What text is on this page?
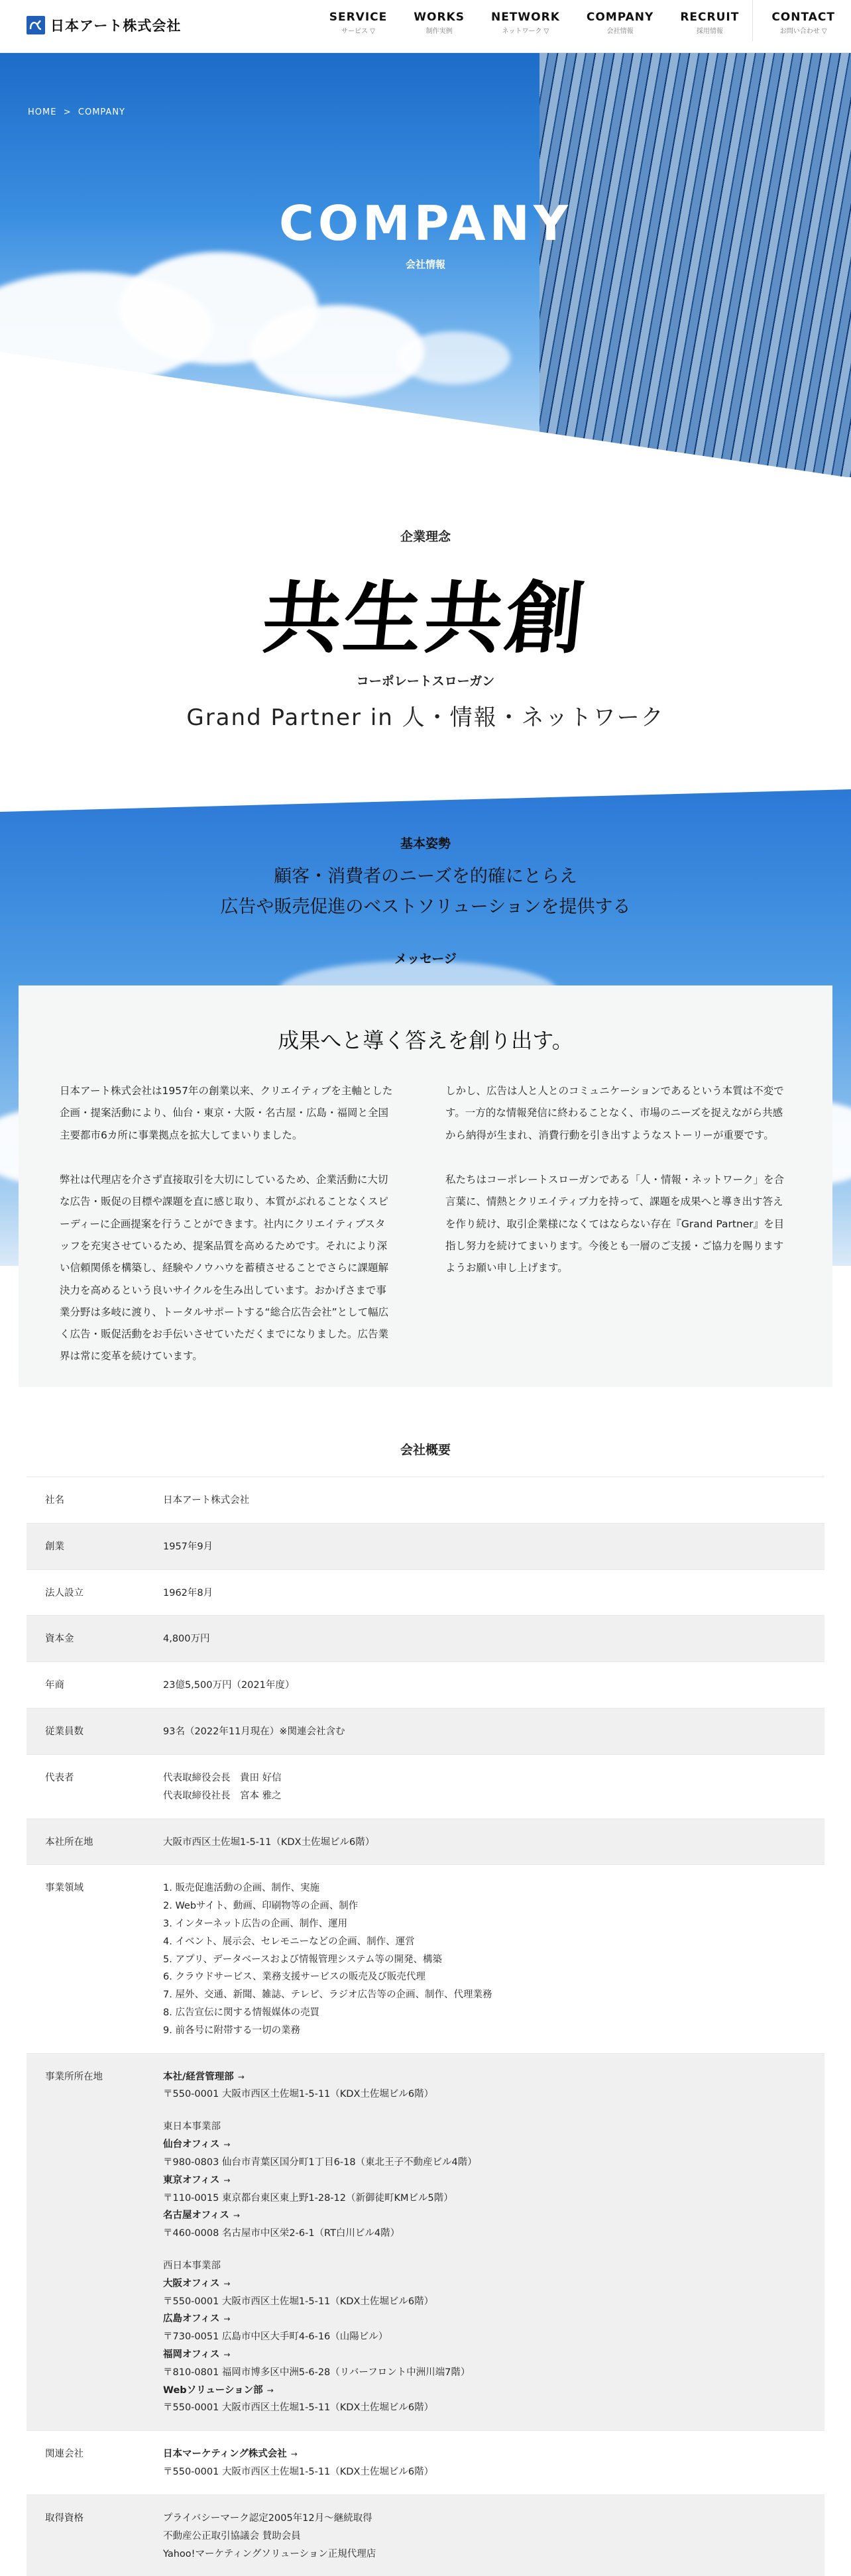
日本アート株式会社
SERVICE
サービス ▽
WORKS
制作実例
NETWORK
ネットワーク ▽
COMPANY
会社情報
RECRUIT
採用情報
CONTACT
お問い合わせ ▽
HOME > COMPANY
COMPANY
会社情報
企業理念
共生共創
コーポレートスローガン
Grand Partner in 人・情報・ネットワーク
基本姿勢
顧客・消費者のニーズを的確にとらえ
広告や販売促進のベストソリューションを提供する
メッセージ
成果へと導く答えを創り出す。

日本アート株式会社は1957年の創業以来、クリエイティブを主軸とした企画・提案活動により、仙台・東京・大阪・名古屋・広島・福岡と全国主要都市6カ所に事業拠点を拡大してまいりました。

弊社は代理店を介さず直接取引を大切にしているため、企業活動に大切な広告・販促の目標や課題を直に感じ取り、本質がぶれることなくスピーディーに企画提案を行うことができます。社内にクリエイティブスタッフを充実させているため、提案品質を高めるためです。それにより深い信頼関係を構築し、経験やノウハウを蓄積させることでさらに課題解決力を高めるという良いサイクルを生み出しています。おかげさまで事業分野は多岐に渡り、トータルサポートする“総合広告会社”として幅広く広告・販促活動をお手伝いさせていただくまでになりました。広告業界は常に変革を続けています。

しかし、広告は人と人とのコミュニケーションであるという本質は不変です。一方的な情報発信に終わることなく、市場のニーズを捉えながら共感から納得が生まれ、消費行動を引き出すようなストーリーが重要です。

私たちはコーポレートスローガンである「人・情報・ネットワーク」を合言葉に、情熱とクリエイティブ力を持って、課題を成果へと導き出す答えを作り続け、取引企業様になくてはならない存在『Grand Partner』を目指し努力を続けてまいります。今後とも一層のご支援・ご協力を賜りますようお願い申し上げます。

会社概要
社名	日本アート株式会社
創業	1957年9月
法人設立	1962年8月
資本金	4,800万円
年商	23億5,500万円（2021年度）
従業員数	93名（2022年11月現在）※関連会社含む
代表者	代表取締役会長　貴田 好信
代表取締役社長　宮本 雅之
本社所在地	大阪市西区土佐堀1-5-11（KDX土佐堀ビル6階）
事業領域	1. 販売促進活動の企画、制作、実施
2. Webサイト、動画、印刷物等の企画、制作
3. インターネット広告の企画、制作、運用
4. イベント、展示会、セレモニーなどの企画、制作、運営
5. アプリ、データベースおよび情報管理システム等の開発、構築
6. クラウドサービス、業務支援サービスの販売及び販売代理
7. 屋外、交通、新聞、雑誌、テレビ、ラジオ広告等の企画、制作、代理業務
8. 広告宣伝に関する情報媒体の売買
9. 前各号に附帯する一切の業務
事業所所在地	本社/経営管理部 →
〒550-0001 大阪市西区土佐堀1-5-11（KDX土佐堀ビル6階）
東日本事業部
仙台オフィス →
〒980-0803 仙台市青葉区国分町1丁目6-18（東北王子不動産ビル4階）
東京オフィス →
〒110-0015 東京都台東区東上野1-28-12（新御徒町KMビル5階）
名古屋オフィス →
〒460-0008 名古屋市中区栄2-6-1（RT白川ビル4階）
西日本事業部
大阪オフィス →
〒550-0001 大阪市西区土佐堀1-5-11（KDX土佐堀ビル6階）
広島オフィス →
〒730-0051 広島市中区大手町4-6-16（山陽ビル）
福岡オフィス →
〒810-0801 福岡市博多区中洲5-6-28（リバーフロント中洲川端7階）
Webソリューション部 →
〒550-0001 大阪市西区土佐堀1-5-11（KDX土佐堀ビル6階）
関連会社	日本マーケティング株式会社 →
〒550-0001 大阪市西区土佐堀1-5-11（KDX土佐堀ビル6階）
取得資格	プライバシーマーク認定2005年12月〜継続取得
不動産公正取引協議会 賛助会員
Yahoo!マーケティングソリューション正規代理店
